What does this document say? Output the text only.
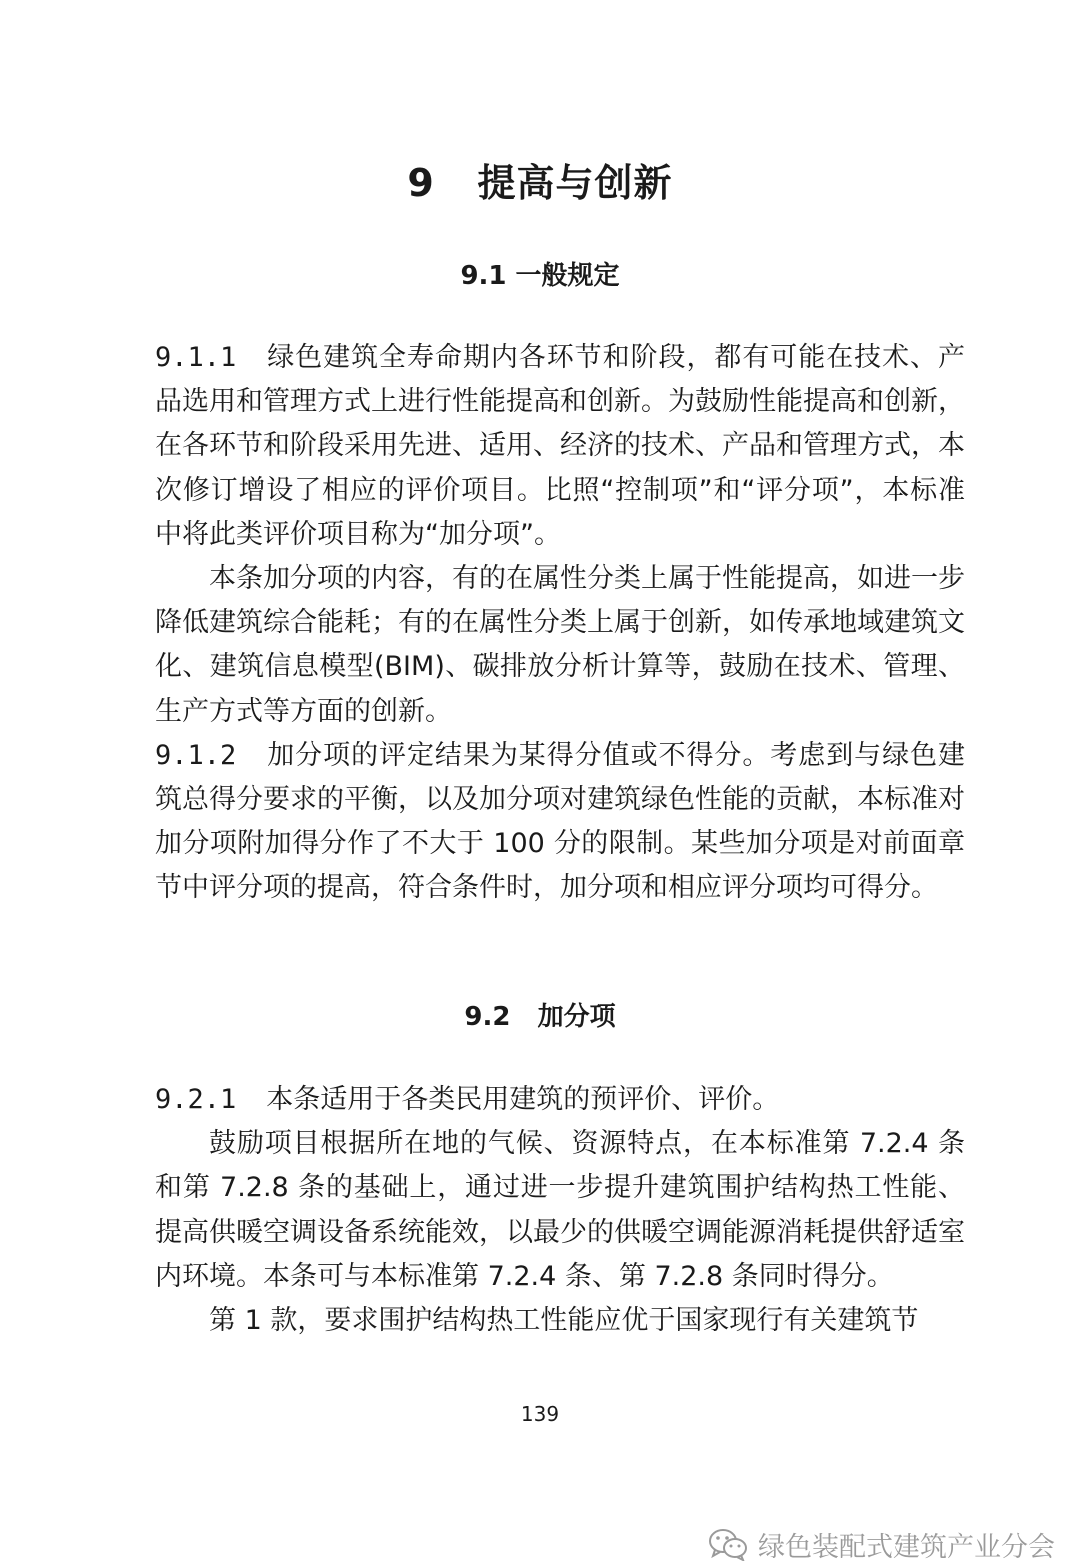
9   提高与创新
9.1 一般规定

9.1.1 绿色建筑全寿命期内各环节和阶段，都有可能在技术、产品选用和管理方式上进行性能提高和创新。为鼓励性能提高和创新，在各环节和阶段采用先进、适用、经济的技术、产品和管理方式，本次修订增设了相应的评价项目。比照“控制项”和“评分项”，本标准中将此类评价项目称为“加分项”。

本条加分项的内容，有的在属性分类上属于性能提高，如进一步降低建筑综合能耗；有的在属性分类上属于创新，如传承地域建筑文化、建筑信息模型(BIM)、碳排放分析计算等，鼓励在技术、管理、生产方式等方面的创新。

9.1.2 加分项的评定结果为某得分值或不得分。考虑到与绿色建筑总得分要求的平衡，以及加分项对建筑绿色性能的贡献，本标准对加分项附加得分作了不大于 100 分的限制。某些加分项是对前面章节中评分项的提高，符合条件时，加分项和相应评分项均可得分。

9.2   加分项

9.2.1 本条适用于各类民用建筑的预评价、评价。

鼓励项目根据所在地的气候、资源特点，在本标准第 7.2.4 条和第 7.2.8 条的基础上，通过进一步提升建筑围护结构热工性能、提高供暖空调设备系统能效，以最少的供暖空调能源消耗提供舒适室内环境。本条可与本标准第 7.2.4 条、第 7.2.8 条同时得分。

第 1 款，要求围护结构热工性能应优于国家现行有关建筑节

139
绿色装配式建筑产业分会
